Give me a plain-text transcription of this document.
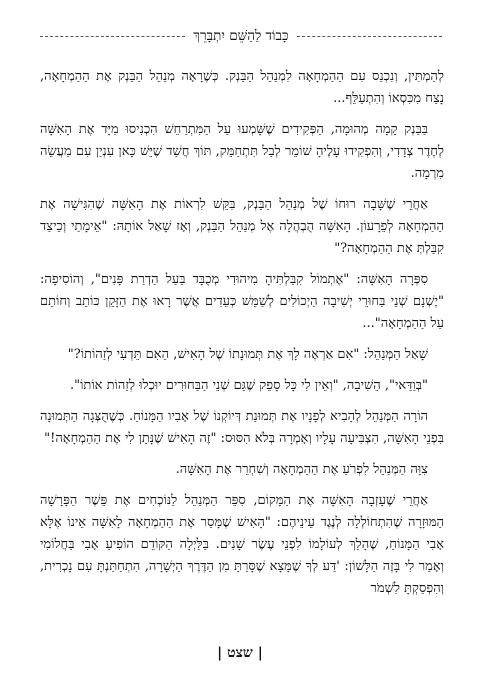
כָּבוֹד לַהַשֵּׁם יִתְבָּרֵךְ

לְהַמְתִּין, וְנִכְנַס עִם הַהַמְחָאָה לִמְנַהֵל הַבַּנְק. כְּשֶׁרָאָה מְנַהֵל הַבַּנְק אֶת הַהַמְחָאָה, נָצַח מִכִּסְאוֹ וְהִתְעַלֵּף...

בַּבַּנְק קָמָה מְהוּמָה, הַפְּקִידִים שֶׁשָּׁמְעוּ עַל הַמִּתְרַחֵשׁ הִכְנִיסוּ מִיָּד אֶת הָאִשָּׁה לְחֶדֶר צְדָדִי, וְהִפְקִידוּ עָלֶיהָ שׁוֹמֵר לְבַל תִּתְחַמֵּק, תּוֹךְ חֲשַׁד שֶׁיֵּשׁ כָּאן עִנְיַן עִם מַעֲשֵׂה מִרְמָה.

אַחֲרֵי שֶׁשָּׁבָה רוּחוֹ שֶׁל מְנַהֵל הַבַּנְק, בִּקֵּשׁ לִרְאוֹת אֶת הָאִשָּׁה שֶׁהִגִּישָׁה אֶת הַהַמְחָאָה לְפֵרָעוֹן. הָאִשָּׁה הֻבְהֲלָה אֶל מְנַהֵל הַבַּנְק, וְאָז שָׁאַל אוֹתָהּ: "אֵימָתַי וְכֵיצַד קִבַּלְתְּ אֶת הַהַמְחָאָה?"

סִפְּרָה הָאִשָּׁה: "אֶתְמוֹל קִבַּלְתִּיהָ מִיהוּדִי מְכֻבָּד בַּעַל הַדְרַת פָּנִים", וְהוֹסִיפָה: "יֶשְׁנָם שְׁנֵי בַּחוּרֵי יְשִׁיבָה הַיְכוֹלִים לְשַׁמֵּשׁ כְּעֵדִים אֲשֶׁר רָאוּ אֶת הַזָּקֵן כּוֹתֵב וְחוֹתֵם עַל הַהַמְחָאָה"...

שָׁאַל הַמְּנַהֵל: "אִם אַרְאֶה לָךְ אֶת תְּמוּנָתוֹ שֶׁל הָאִישׁ, הַאִם תֵּדְעִי לְזַהוֹתוֹ?"

"בְּוַדַּאי", הֵשִׁיבָה, "וְאֵין לִי כָּל סָפֵק שֶׁגַּם שְׁנֵי הַבַּחוּרִים יוּכְלוּ לְזַהוֹת אוֹתוֹ".

הוֹרָה הַמְּנַהֵל לְהָבִיא לְפָנָיו אֶת תְּמוּנַת דְּיוֹקְנוֹ שֶׁל אָבִיו הַמָּנוֹחַ. כְּשֶׁהֻצְּגָה הַתְּמוּנָה בִּפְנֵי הָאִשָּׁה, הִצְבִּיעָה עָלָיו וְאָמְרָה בְּלֹא הִסּוּס: "זֶה הָאִישׁ שֶׁנָּתַן לִי אֶת הַהַמְחָאָה!"

צִוָּה הַמְּנַהֵל לִפְרֹעַ אֶת הַהַמְחָאָה וְשִׁחְרֵר אֶת הָאִשָּׁה.

אַחֲרֵי שֶׁעָזְבָה הָאִשָּׁה אֶת הַמָּקוֹם, סִפֵּר הַמְּנַהֵל לַנּוֹכְחִים אֶת פֵּשֶׁר הַפָּרָשָׁה הַמּוּזָרָה שֶׁהִתְחוֹלְלָה לְנֶגֶד עֵינֵיהֶם: "הָאִישׁ שֶׁמָּסַר אֶת הַהַמְחָאָה לָאִשָּׁה אֵינוֹ אֶלָּא אָבִי הַמָּנוֹחַ, שֶׁהָלַךְ לְעוֹלָמוֹ לִפְנֵי עֶשֶׂר שָׁנִים. בַּלַּיְלָה הַקּוֹדֵם הוֹפִיעַ אָבִי בַּחֲלוֹמִי וְאָמַר לִי בָּזֶה הַלָּשׁוֹן: 'דַּע לְךָ שֶׁמָּצָא שֶׁסָּרַתָּ מִן הַדֶּרֶךְ הַיְשָׁרָה, הִתְחַתַּנְתָּ עִם נָכְרִית, וְהִפְסַקְתָּ לִשְׁמֹר

| שצט |
